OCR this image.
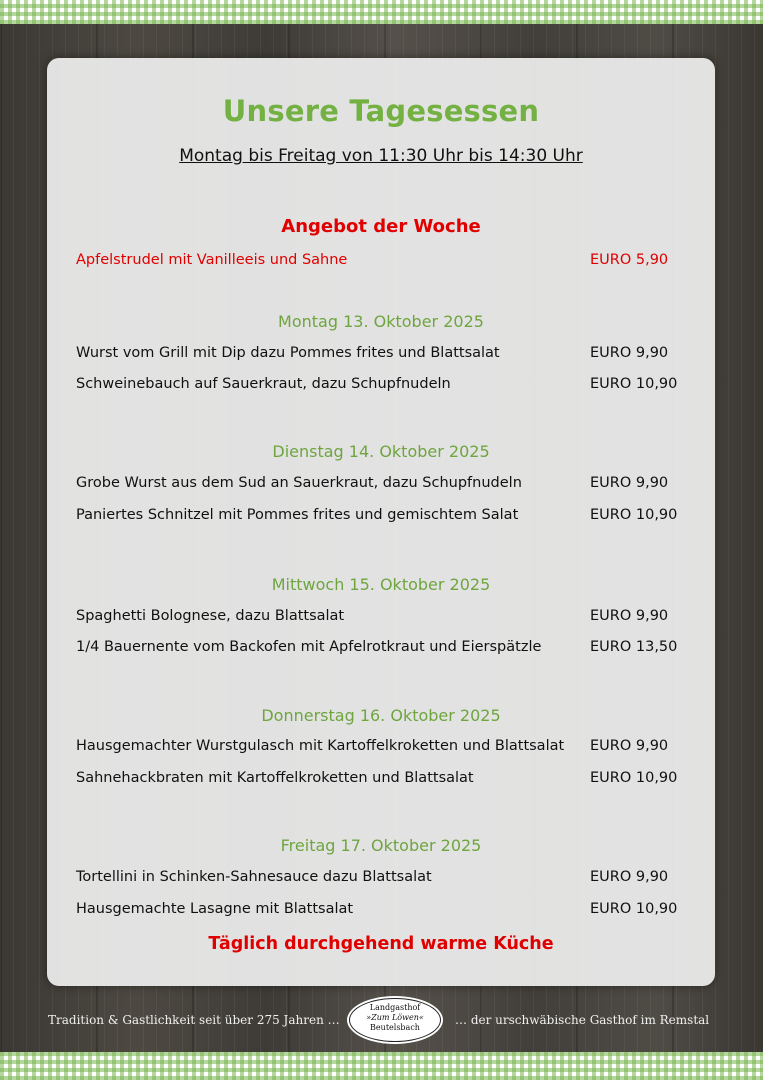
Unsere Tagesessen
Montag bis Freitag von 11:30 Uhr bis 14:30 Uhr
Angebot der Woche
Apfelstrudel mit Vanilleeis und Sahne	EURO 5,90
Montag 13. Oktober 2025
Wurst vom Grill mit Dip dazu Pommes frites und Blattsalat	EURO 9,90
Schweinebauch auf Sauerkraut, dazu Schupfnudeln	EURO 10,90
Dienstag 14. Oktober 2025
Grobe Wurst aus dem Sud an Sauerkraut, dazu Schupfnudeln	EURO 9,90
Paniertes Schnitzel mit Pommes frites und gemischtem Salat	EURO 10,90
Mittwoch 15. Oktober 2025
Spaghetti Bolognese, dazu Blattsalat	EURO 9,90
1/4 Bauernente vom Backofen mit Apfelrotkraut und Eierspätzle	EURO 13,50
Donnerstag 16. Oktober 2025
Hausgemachter Wurstgulasch mit Kartoffelkroketten und Blattsalat EURO 9,90
Sahnehackbraten mit Kartoffelkroketten und Blattsalat	EURO 10,90
Freitag 17. Oktober 2025
Tortellini in Schinken-Sahnesauce dazu Blattsalat	EURO 9,90
Hausgemachte Lasagne mit Blattsalat	EURO 10,90
Täglich durchgehend warme Küche
Tradition & Gastlichkeit seit über 275 Jahren …
Landgasthof
»Zum Löwen«
Beutelsbach
… der urschwäbische Gasthof im Remstal
